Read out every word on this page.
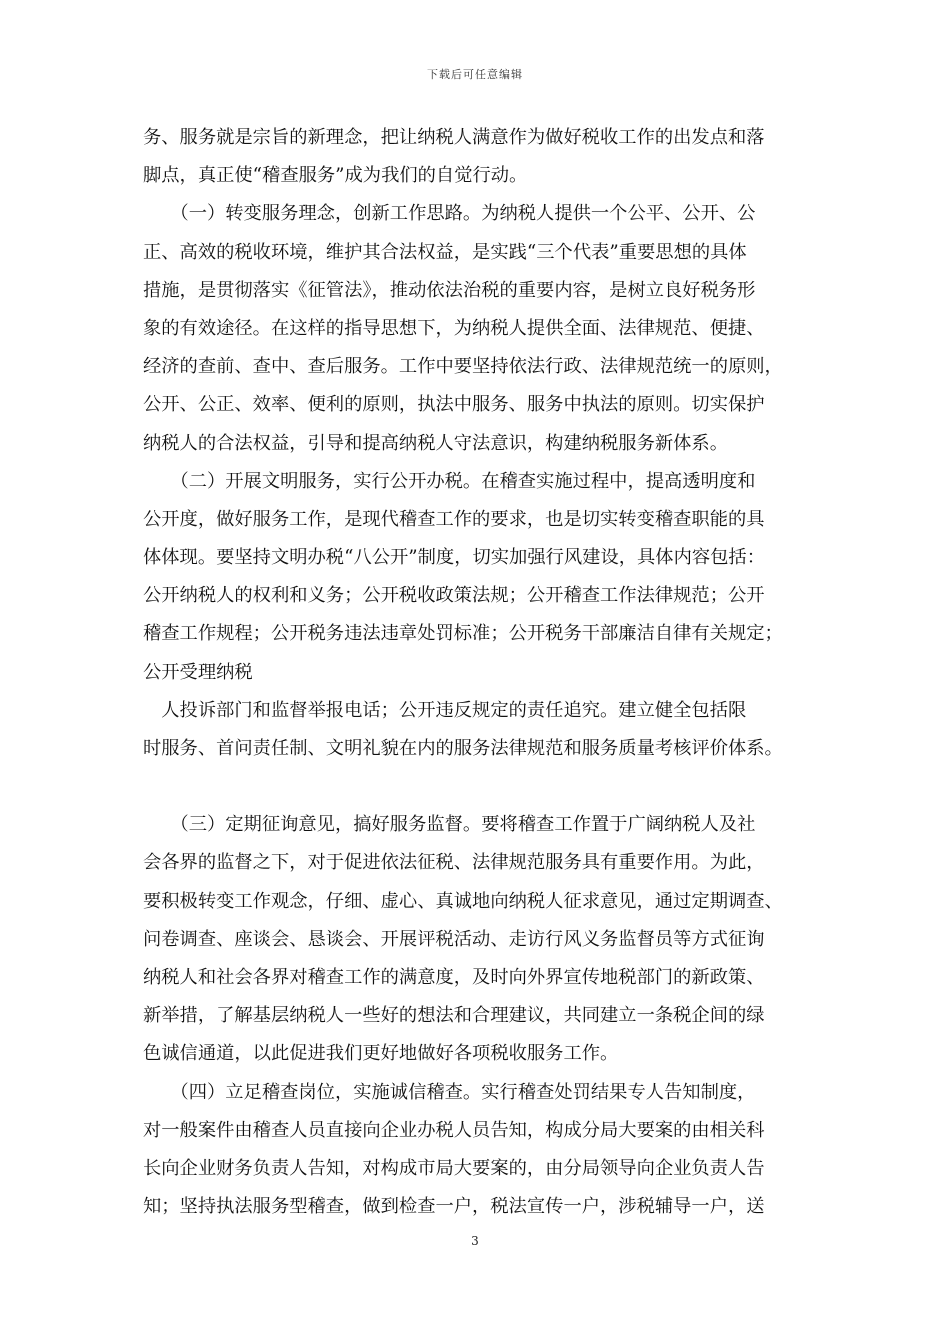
下载后可任意编辑
务、服务就是宗旨的新理念，把让纳税人满意作为做好税收工作的出发点和落
脚点，真正使“稽查服务”成为我们的自觉行动。
　　（一）转变服务理念，创新工作思路。为纳税人提供一个公平、公开、公
正、高效的税收环境，维护其合法权益，是实践“三个代表”重要思想的具体
措施，是贯彻落实《征管法》，推动依法治税的重要内容，是树立良好税务形
象的有效途径。在这样的指导思想下，为纳税人提供全面、法律规范、便捷、
经济的查前、查中、查后服务。工作中要坚持依法行政、法律规范统一的原则，
公开、公正、效率、便利的原则，执法中服务、服务中执法的原则。切实保护
纳税人的合法权益，引导和提高纳税人守法意识，构建纳税服务新体系。
　　（二）开展文明服务，实行公开办税。在稽查实施过程中，提高透明度和
公开度，做好服务工作，是现代稽查工作的要求，也是切实转变稽查职能的具
体体现。要坚持文明办税“八公开”制度，切实加强行风建设，具体内容包括：
公开纳税人的权利和义务；公开税收政策法规；公开稽查工作法律规范；公开
稽查工作规程；公开税务违法违章处罚标准；公开税务干部廉洁自律有关规定；
公开受理纳税
　人投诉部门和监督举报电话；公开违反规定的责任追究。建立健全包括限
时服务、首问责任制、文明礼貌在内的服务法律规范和服务质量考核评价体系。
　　（三）定期征询意见，搞好服务监督。要将稽查工作置于广阔纳税人及社
会各界的监督之下，对于促进依法征税、法律规范服务具有重要作用。为此，
要积极转变工作观念，仔细、虚心、真诚地向纳税人征求意见，通过定期调查、
问卷调查、座谈会、恳谈会、开展评税活动、走访行风义务监督员等方式征询
纳税人和社会各界对稽查工作的满意度，及时向外界宣传地税部门的新政策、
新举措，了解基层纳税人一些好的想法和合理建议，共同建立一条税企间的绿
色诚信通道，以此促进我们更好地做好各项税收服务工作。
　　（四）立足稽查岗位，实施诚信稽查。实行稽查处罚结果专人告知制度，
对一般案件由稽查人员直接向企业办税人员告知，构成分局大要案的由相关科
长向企业财务负责人告知，对构成市局大要案的，由分局领导向企业负责人告
知；坚持执法服务型稽查，做到检查一户，税法宣传一户，涉税辅导一户，送
3
